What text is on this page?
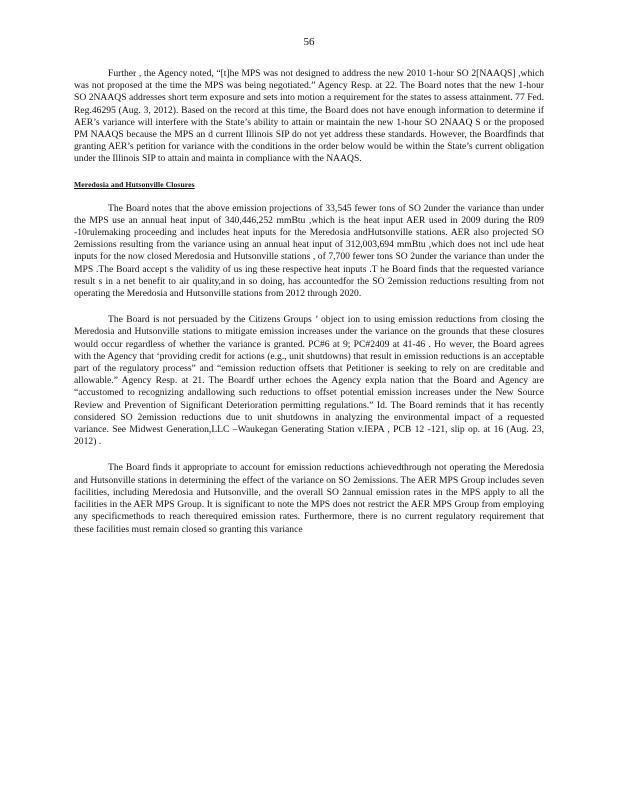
56

Further , the Agency noted, “[t]he MPS was not designed to address the new 2010 1-hour SO 2[NAAQS] ,which was not proposed at the time the MPS was being negotiated.” Agency Resp. at 22. The Board notes that the new 1-hour SO 2NAAQS addresses short term exposure and sets into motion a requirement for the states to assess attainment. 77 Fed. Reg.46295 (Aug. 3, 2012). Based on the record at this time, the Board does not have enough information to determine if AER’s variance will interfere with the State’s ability to attain or maintain the new 1-hour SO 2NAAQ S or the proposed PM NAAQS because the MPS an d current Illinois SIP do not yet address these standards. However, the Boardfinds that granting AER’s petition for variance with the conditions in the order below would be within the State’s current obligation under the Illinois SIP to attain and mainta in compliance with the NAAQS.

Meredosia and Hutsonville Closures

The Board notes that the above emission projections of 33,545 fewer tons of SO 2under the variance than under the MPS use an annual heat input of 340,446,252 mmBtu ,which is the heat input AER used in 2009 during the R09 -10rulemaking proceeding and includes heat inputs for the Meredosia andHutsonville stations. AER also projected SO 2emissions resulting from the variance using an annual heat input of 312,003,694 mmBtu ,which does not incl ude heat inputs for the now closed Meredosia and Hutsonville stations , of 7,700 fewer tons SO 2under the variance than under the MPS .The Board accept s the validity of us ing these respective heat inputs .T he Board finds that the requested variance result s in a net benefit to air quality,and in so doing, has accountedfor the SO 2emission reductions resulting from not operating the Meredosia and Hutsonville stations from 2012 through 2020.

The Board is not persuaded by the Citizens Groups ’ object ion to using emission reductions from closing the Meredosia and Hutsonville stations to mitigate emission increases under the variance on the grounds that these closures would occur regardless of whether the variance is granted. PC#6 at 9; PC#2409 at 41-46 . Ho wever, the Board agrees with the Agency that ‘providing credit for actions (e.g., unit shutdowns) that result in emission reductions is an acceptable part of the regulatory process” and “emission reduction offsets that Petitioner is seeking to rely on are creditable and allowable.” Agency Resp. at 21. The Boardf urther echoes the Agency expla nation that the Board and Agency are “accustomed to recognizing andallowing such reductions to offset potential emission increases under the New Source Review and Prevention of Significant Deterioration permitting regulations.” Id. The Board reminds that it has recently considered SO 2emission reductions due to unit shutdowns in analyzing the environmental impact of a requested variance. See Midwest Generation,LLC –Waukegan Generating Station v.IEPA , PCB 12 -121, slip op. at 16 (Aug. 23, 2012) .

The Board finds it appropriate to account for emission reductions achievedthrough not operating the Meredosia and Hutsonville stations in determining the effect of the variance on SO 2emissions. The AER MPS Group includes seven facilities, including Meredosia and Hutsonville, and the overall SO 2annual emission rates in the MPS apply to all the facilities in the AER MPS Group. It is significant to note the MPS does not restrict the AER MPS Group from employing any specificmethods to reach therequired emission rates. Furthermore, there is no current regulatory requirement that these facilities must remain closed so granting this variance
